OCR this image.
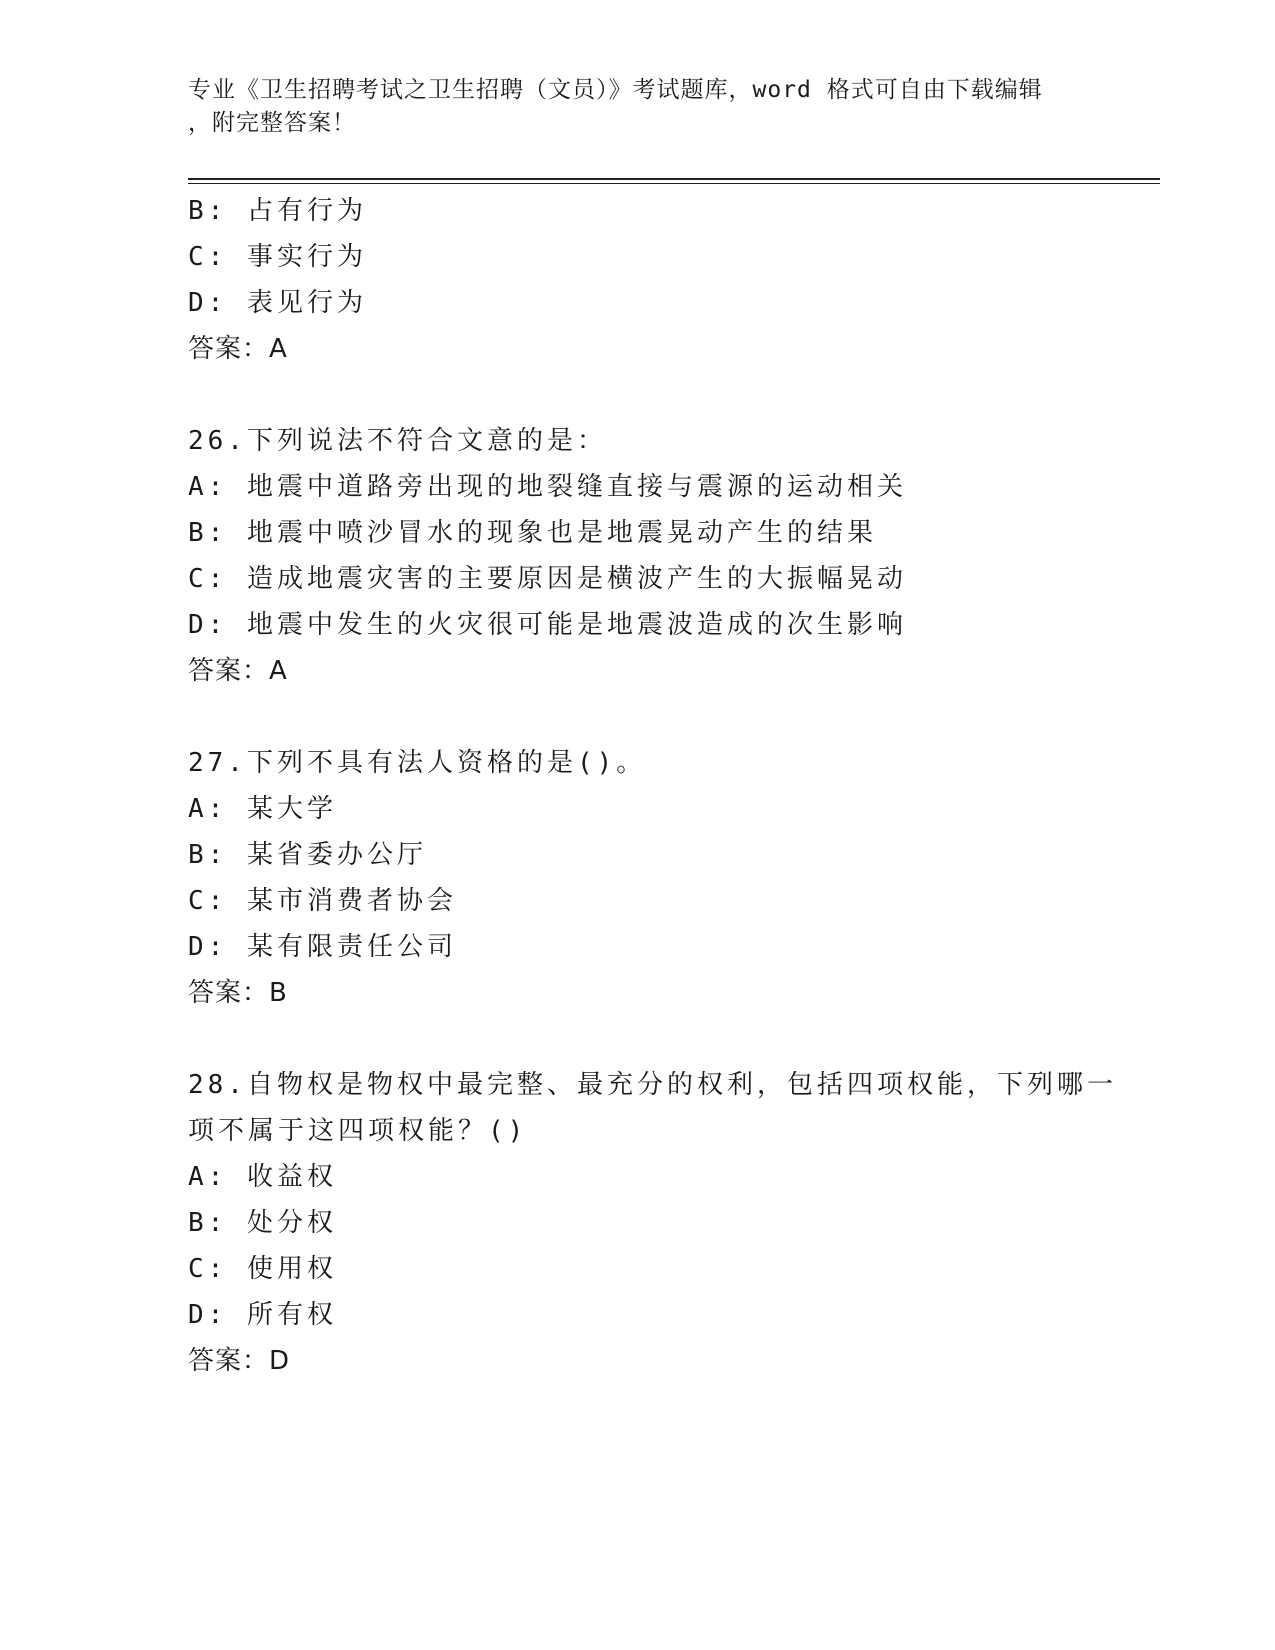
专业《卫生招聘考试之卫生招聘（文员）》考试题库，word 格式可自由下载编辑
，附完整答案！
B: 占有行为
C: 事实行为
D: 表见行为
答案：A
26.下列说法不符合文意的是：
A: 地震中道路旁出现的地裂缝直接与震源的运动相关
B: 地震中喷沙冒水的现象也是地震晃动产生的结果
C: 造成地震灾害的主要原因是横波产生的大振幅晃动
D: 地震中发生的火灾很可能是地震波造成的次生影响
答案：A
27.下列不具有法人资格的是()。
A: 某大学
B: 某省委办公厅
C: 某市消费者协会
D: 某有限责任公司
答案：B
28.自物权是物权中最完整、最充分的权利，包括四项权能，下列哪一
项不属于这四项权能？()
A: 收益权
B: 处分权
C: 使用权
D: 所有权
答案：D
